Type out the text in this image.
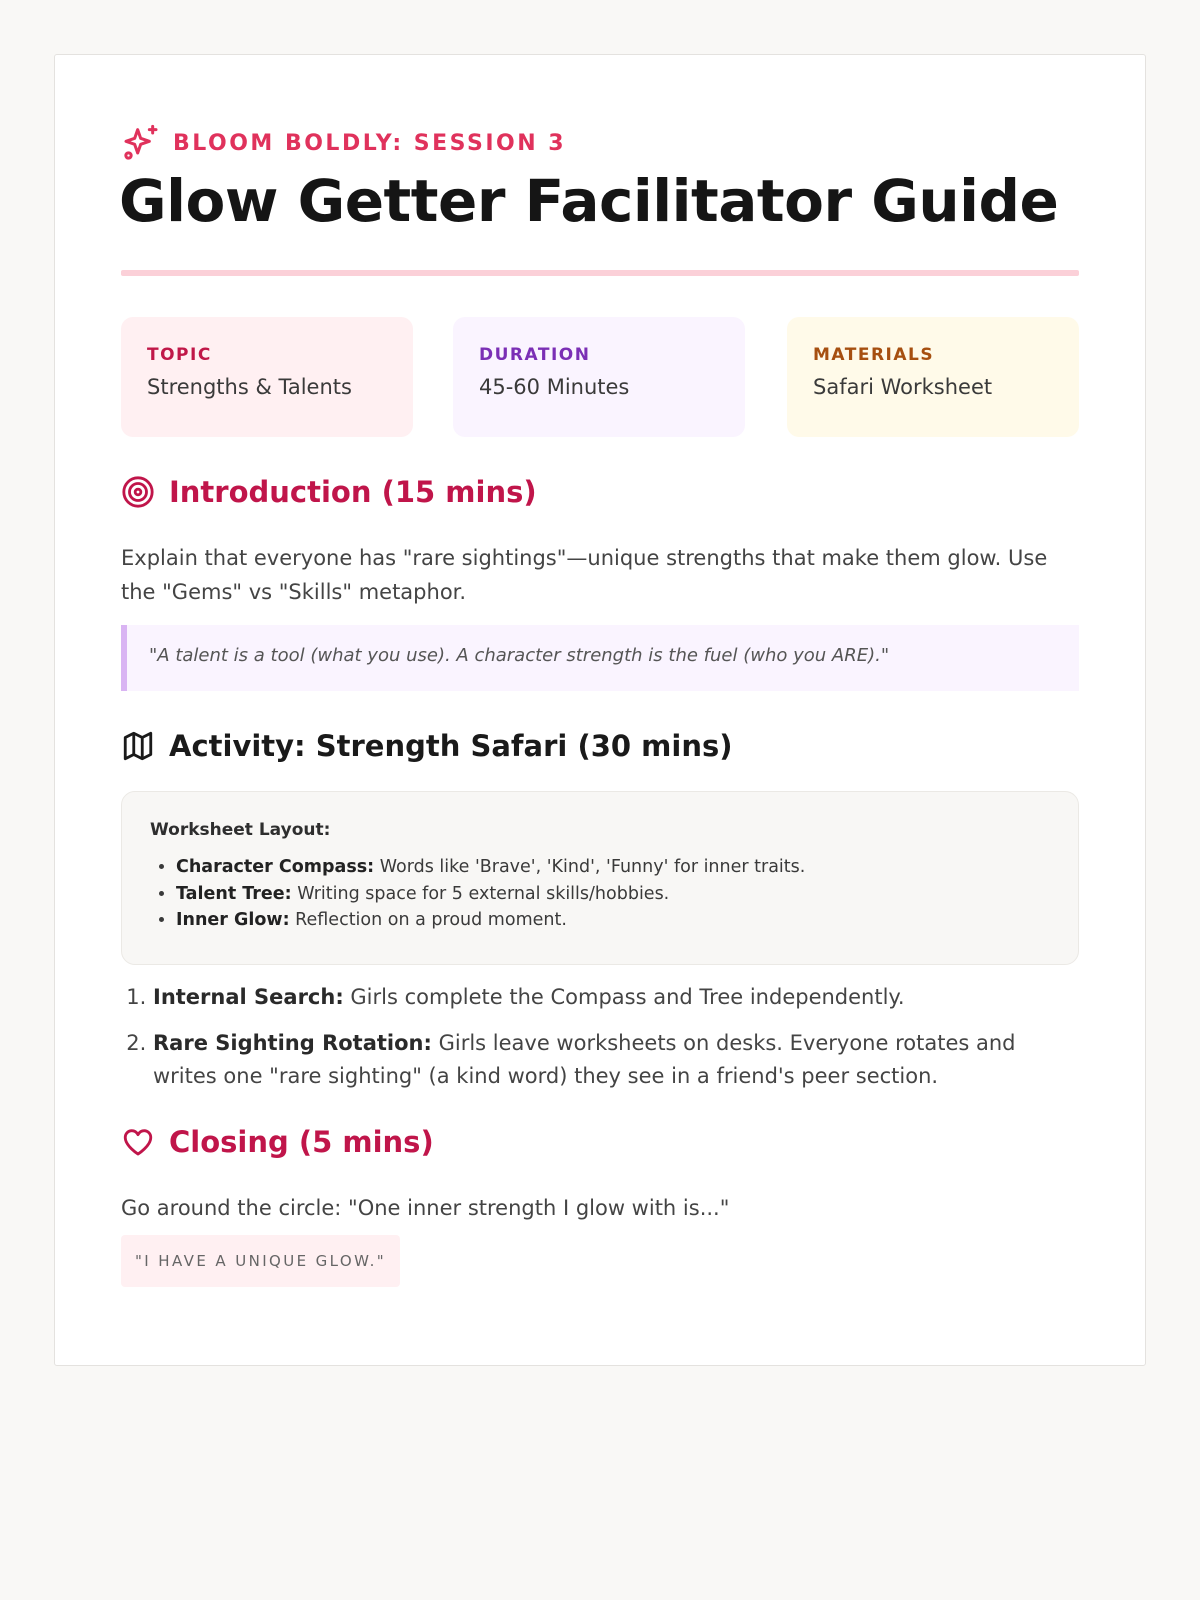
BLOOM BOLDLY: SESSION 3
Glow Getter Facilitator Guide
TOPIC
Strengths & Talents
DURATION
45-60 Minutes
MATERIALS
Safari Worksheet
Introduction (15 mins)

Explain that everyone has "rare sightings"—unique strengths that make them glow. Use the "Gems" vs "Skills" metaphor.

"A talent is a tool (what you use). A character strength is the fuel (who you ARE)."
Activity: Strength Safari (30 mins)
Worksheet Layout:
• Character Compass: Words like 'Brave', 'Kind', 'Funny' for inner traits.
• Talent Tree: Writing space for 5 external skills/hobbies.
• Inner Glow: Reflection on a proud moment.
1. Internal Search: Girls complete the Compass and Tree independently.
2. Rare Sighting Rotation: Girls leave worksheets on desks. Everyone rotates and writes one "rare sighting" (a kind word) they see in a friend's peer section.
Closing (5 mins)

Go around the circle: "One inner strength I glow with is..."

"I HAVE A UNIQUE GLOW."
